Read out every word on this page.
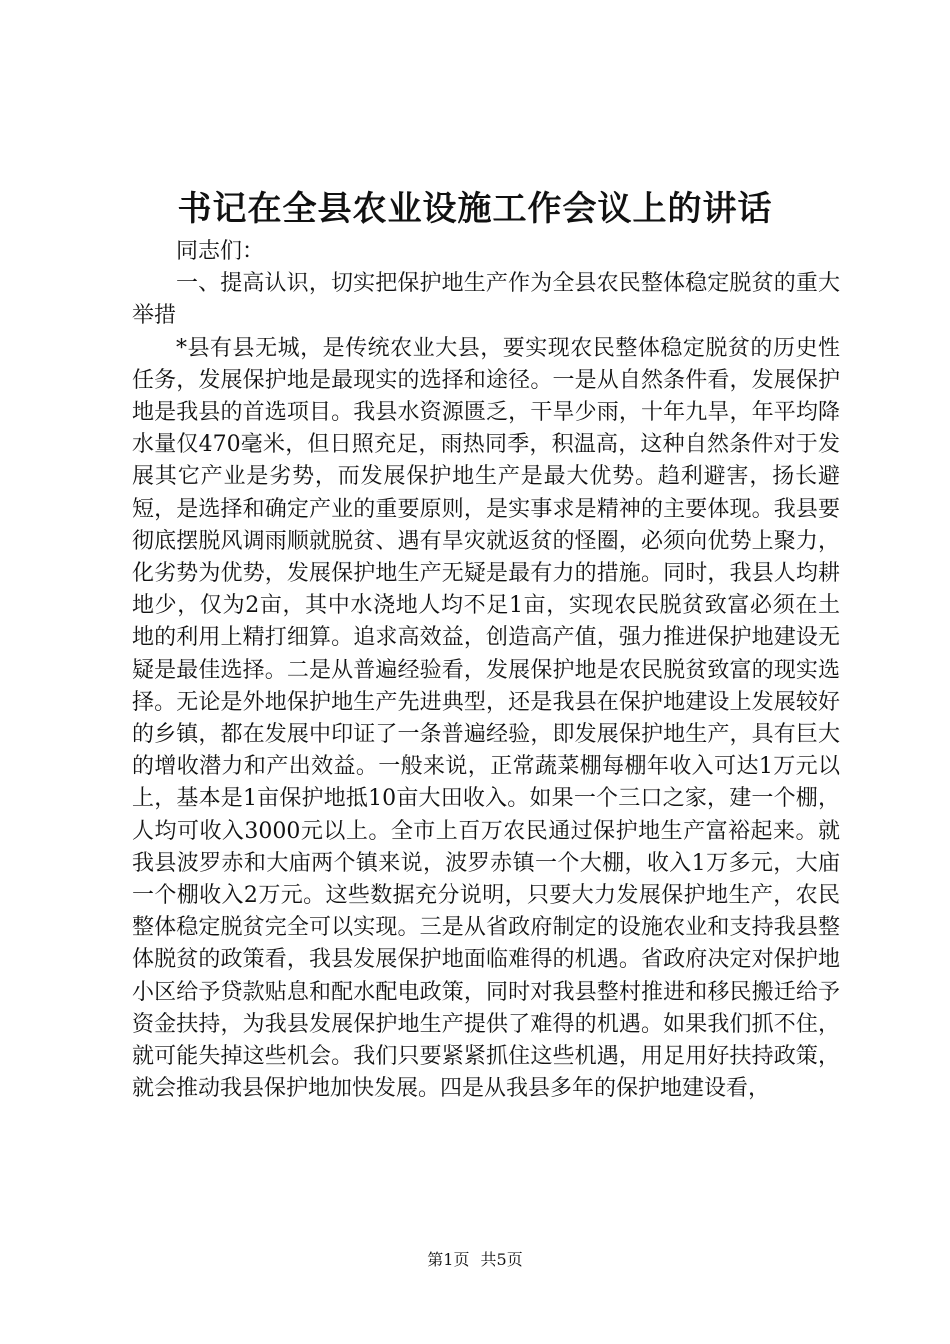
书记在全县农业设施工作会议上的讲话

同志们：

一、提高认识，切实把保护地生产作为全县农民整体稳定脱贫的重大举措

*县有县无城，是传统农业大县，要实现农民整体稳定脱贫的历史性任务，发展保护地是最现实的选择和途径。一是从自然条件看，发展保护地是我县的首选项目。我县水资源匮乏，干旱少雨，十年九旱，年平均降水量仅470毫米，但日照充足，雨热同季，积温高，这种自然条件对于发展其它产业是劣势，而发展保护地生产是最大优势。趋利避害，扬长避短，是选择和确定产业的重要原则，是实事求是精神的主要体现。我县要彻底摆脱风调雨顺就脱贫、遇有旱灾就返贫的怪圈，必须向优势上聚力，化劣势为优势，发展保护地生产无疑是最有力的措施。同时，我县人均耕地少，仅为2亩，其中水浇地人均不足1亩，实现农民脱贫致富必须在土地的利用上精打细算。追求高效益，创造高产值，强力推进保护地建设无疑是最佳选择。二是从普遍经验看，发展保护地是农民脱贫致富的现实选择。无论是外地保护地生产先进典型，还是我县在保护地建设上发展较好的乡镇，都在发展中印证了一条普遍经验，即发展保护地生产，具有巨大的增收潜力和产出效益。一般来说，正常蔬菜棚每棚年收入可达1万元以上，基本是1亩保护地抵10亩大田收入。如果一个三口之家，建一个棚，人均可收入3000元以上。全市上百万农民通过保护地生产富裕起来。就我县波罗赤和大庙两个镇来说，波罗赤镇一个大棚，收入1万多元，大庙一个棚收入2万元。这些数据充分说明，只要大力发展保护地生产，农民整体稳定脱贫完全可以实现。三是从省政府制定的设施农业和支持我县整体脱贫的政策看，我县发展保护地面临难得的机遇。省政府决定对保护地小区给予贷款贴息和配水配电政策，同时对我县整村推进和移民搬迁给予资金扶持，为我县发展保护地生产提供了难得的机遇。如果我们抓不住，就可能失掉这些机会。我们只要紧紧抓住这些机遇，用足用好扶持政策，就会推动我县保护地加快发展。四是从我县多年的保护地建设看，

第1页 共5页
